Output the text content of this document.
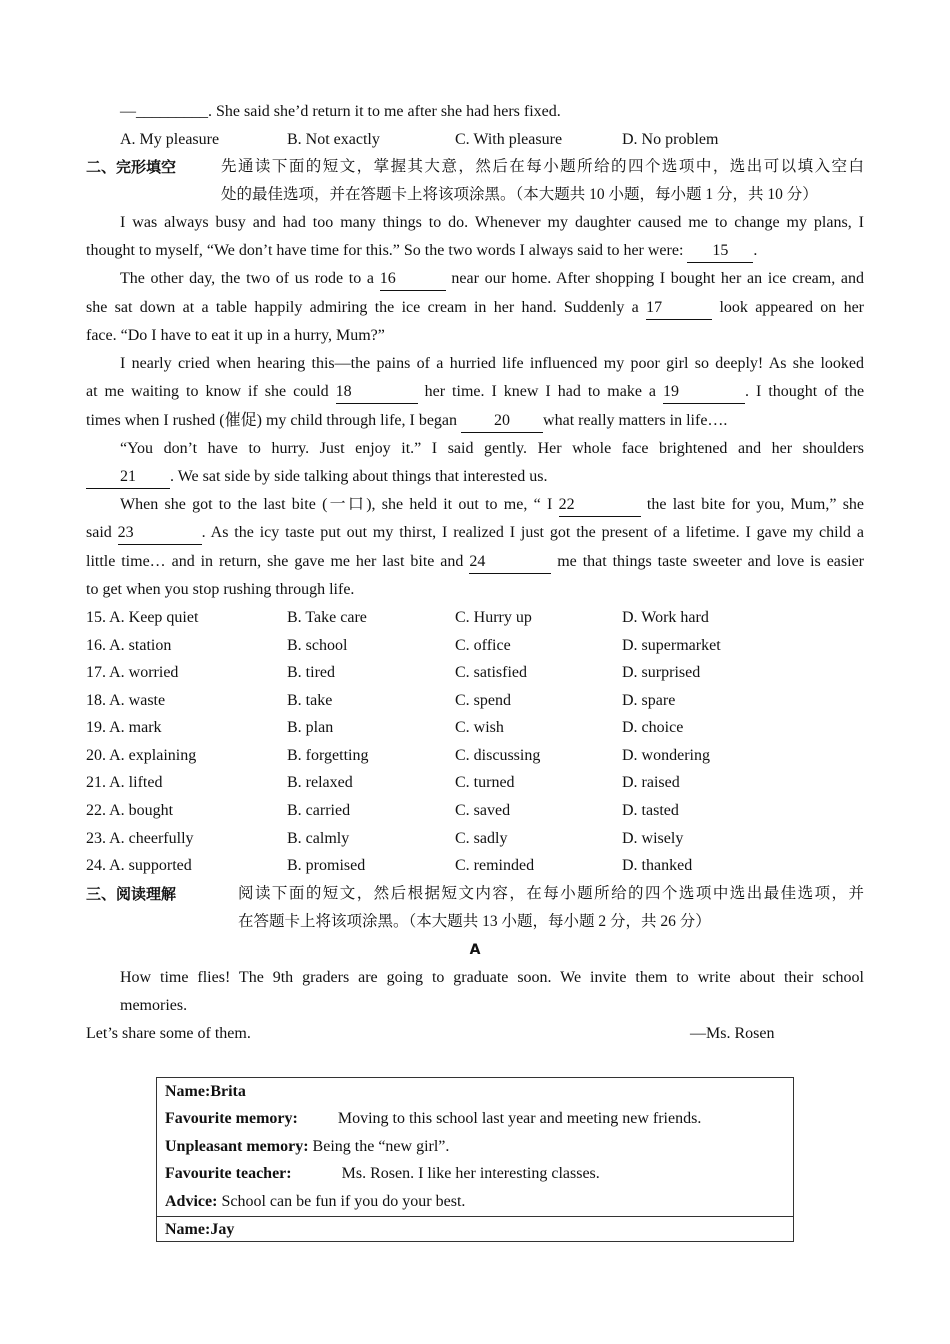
—_________. She said she’d return it to me after she had hers fixed.
A. My pleasure	B. Not exactly	C. With pleasure	D. No problem
二、完形填空	先通读下面的短文，掌握其大意，然后在每小题所给的四个选项中，选出可以填入空白
处的最佳选项，并在答题卡上将该项涂黑。（本大题共 10 小题，每小题 1 分，共 10 分）
I was always busy and had too many things to do. Whenever my daughter caused me to change my plans, I
thought to myself, “We don’t have time for this.” So the two words I always said to her were: 15 .
The other day, the two of us rode to a 16	near our home. After shopping I bought her an ice cream, and
she sat down at a table happily admiring the ice cream in her hand. Suddenly a 17	look appeared on her
face. “Do I have to eat it up in a hurry, Mum?”
I nearly cried when hearing this—the pains of a hurried life influenced my poor girl so deeply! As she looked
at me waiting to know if she could 18	her time. I knew I had to make a 19	. I thought of the
times when I rushed (催促) my child through life, I began 20 what really matters in life….
“You don’t have to hurry. Just enjoy it.” I said gently. Her whole face brightened and her shoulders
21 . We sat side by side talking about things that interested us.
When she got to the last bite (一口), she held it out to me, “ I 22	the last bite for you, Mum,” she
said 23	. As the icy taste put out my thirst, I realized I just got the present of a lifetime. I gave my child a
little time… and in return, she gave me her last bite and 24	me that things taste sweeter and love is easier
to get when you stop rushing through life.
15. A. Keep quiet	B. Take care	C. Hurry up	D. Work hard
16. A. station	B. school	C. office	D. supermarket
17. A. worried	B. tired	C. satisfied	D. surprised
18. A. waste	B. take	C. spend	D. spare
19. A. mark	B. plan	C. wish	D. choice
20. A. explaining	B. forgetting	C. discussing	D. wondering
21. A. lifted	B. relaxed	C. turned	D. raised
22. A. bought	B. carried	C. saved	D. tasted
23. A. cheerfully	B. calmly	C. sadly	D. wisely
24. A. supported	B. promised	C. reminded	D. thanked
三、阅读理解	阅读下面的短文，然后根据短文内容，在每小题所给的四个选项中选出最佳选项，并
在答题卡上将该项涂黑。（本大题共 13 小题，每小题 2 分，共 26 分）
A
How time flies! The 9th graders are going to graduate soon. We invite them to write about their school
memories.
Let’s share some of them.	—Ms. Rosen
Name:Brita
Favourite memory:	Moving to this school last year and meeting new friends.
Unpleasant memory: Being the “new girl”.
Favourite teacher:	Ms. Rosen. I like her interesting classes.
Advice: School can be fun if you do your best.
Name:Jay
